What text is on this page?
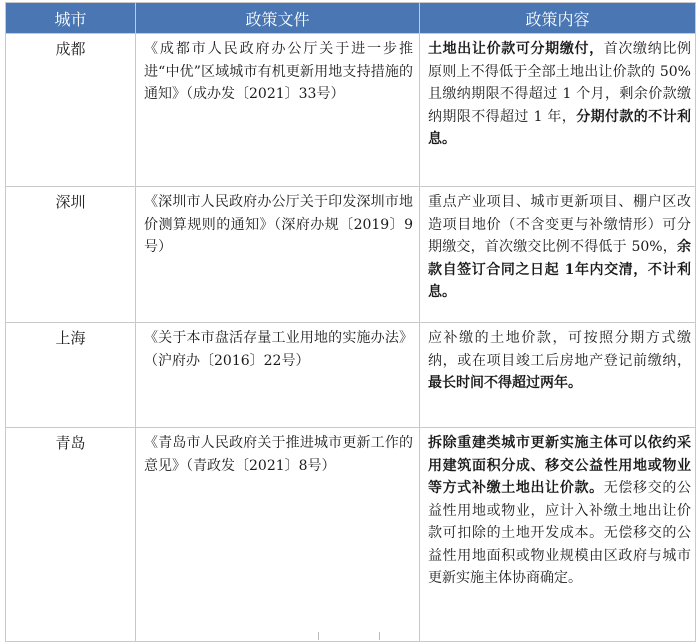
城市	政策文件	政策内容
成都	《成都市人民政府办公厅关于进一步推进“中优”区域城市有机更新用地支持措施的通知》（成办发〔2021〕33号）	土地出让价款可分期缴付，首次缴纳比例原则上不得低于全部土地出让价款的 50%且缴纳期限不得超过 1 个月，剩余价款缴纳期限不得超过 1 年，分期付款的不计利息。
深圳	《深圳市人民政府办公厅关于印发深圳市地价测算规则的通知》（深府办规〔2019〕9号）	重点产业项目、城市更新项目、棚户区改造项目地价（不含变更与补缴情形）可分期缴交，首次缴交比例不得低于 50%，余款自签订合同之日起 1年内交清，不计利息。
上海	《关于本市盘活存量工业用地的实施办法》（沪府办〔2016〕22号）	应补缴的土地价款，可按照分期方式缴纳，或在项目竣工后房地产登记前缴纳，最长时间不得超过两年。
青岛	《青岛市人民政府关于推进城市更新工作的意见》（青政发〔2021〕8号）	拆除重建类城市更新实施主体可以依约采用建筑面积分成、移交公益性用地或物业等方式补缴土地出让价款。无偿移交的公益性用地或物业，应计入补缴土地出让价款可扣除的土地开发成本。无偿移交的公益性用地面积或物业规模由区政府与城市更新实施主体协商确定。
